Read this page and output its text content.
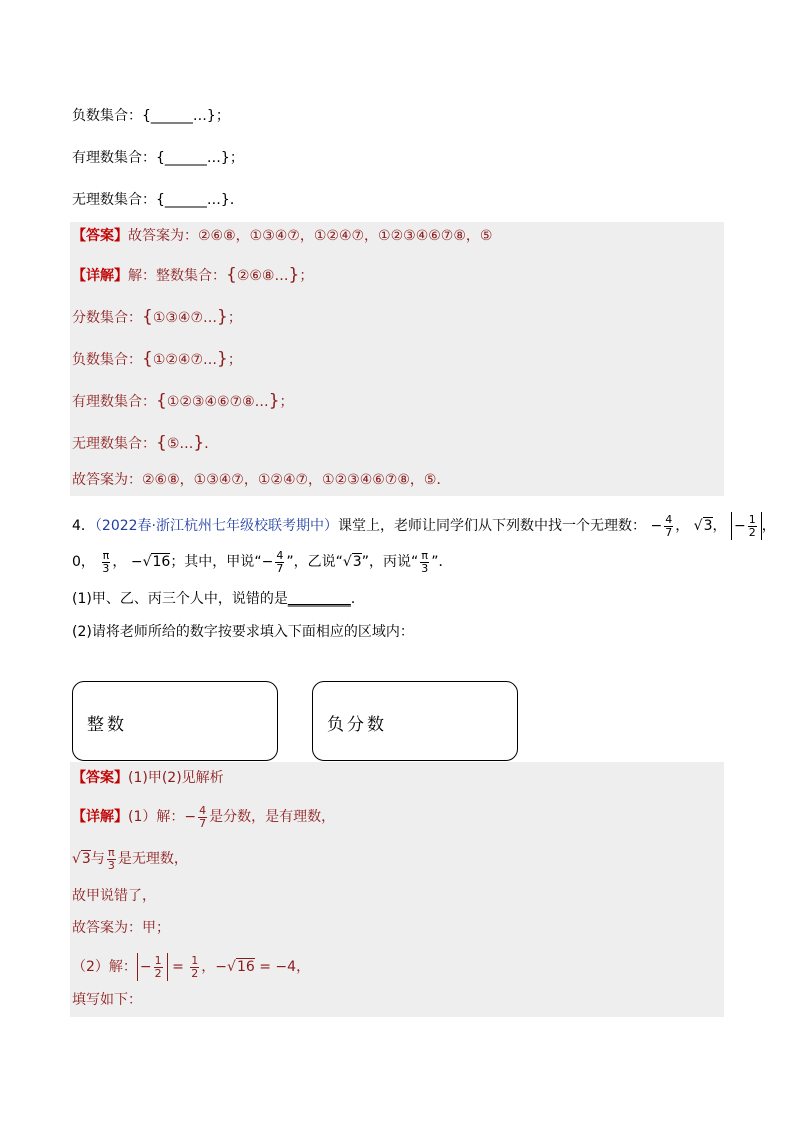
负数集合：{______…}；
有理数集合：{______…}；
无理数集合：{______…}．
【答案】故答案为：②⑥⑧，①③④⑦，①②④⑦，①②③④⑥⑦⑧，⑤
【详解】解：整数集合：{②⑥⑧…}；
分数集合：{①③④⑦…}；
负数集合：{①②④⑦…}；
有理数集合：{①②③④⑥⑦⑧…}；
无理数集合：{⑤…}．
故答案为：②⑥⑧，①③④⑦，①②④⑦，①②③④⑥⑦⑧，⑤．
4．（2022春·浙江杭州七年级校联考期中）课堂上，老师让同学们从下列数中找一个无理数： − $\frac{4}{7}$ ， √3， − $\frac{1}{2}$ ，
0， $\frac{\pi}{3}$ ， −√16；其中，甲说“− $\frac{4}{7}$ ”，乙说“√3”，丙说“ $\frac{\pi}{3}$ ”．
(1)甲、乙、丙三个人中，说错的是_________．
(2)请将老师所给的数字按要求填入下面相应的区域内：
整数	负分数
【答案】(1)甲(2)见解析
【详解】(1）解：− $\frac{4}{7}$ 是分数，是有理数，
√3与 $\frac{\pi}{3}$ 是无理数，
故甲说错了，
故答案为：甲；
（2）解： − $\frac{1}{2} = \frac{1}{2}$ ，−√16 = −4，
填写如下：
